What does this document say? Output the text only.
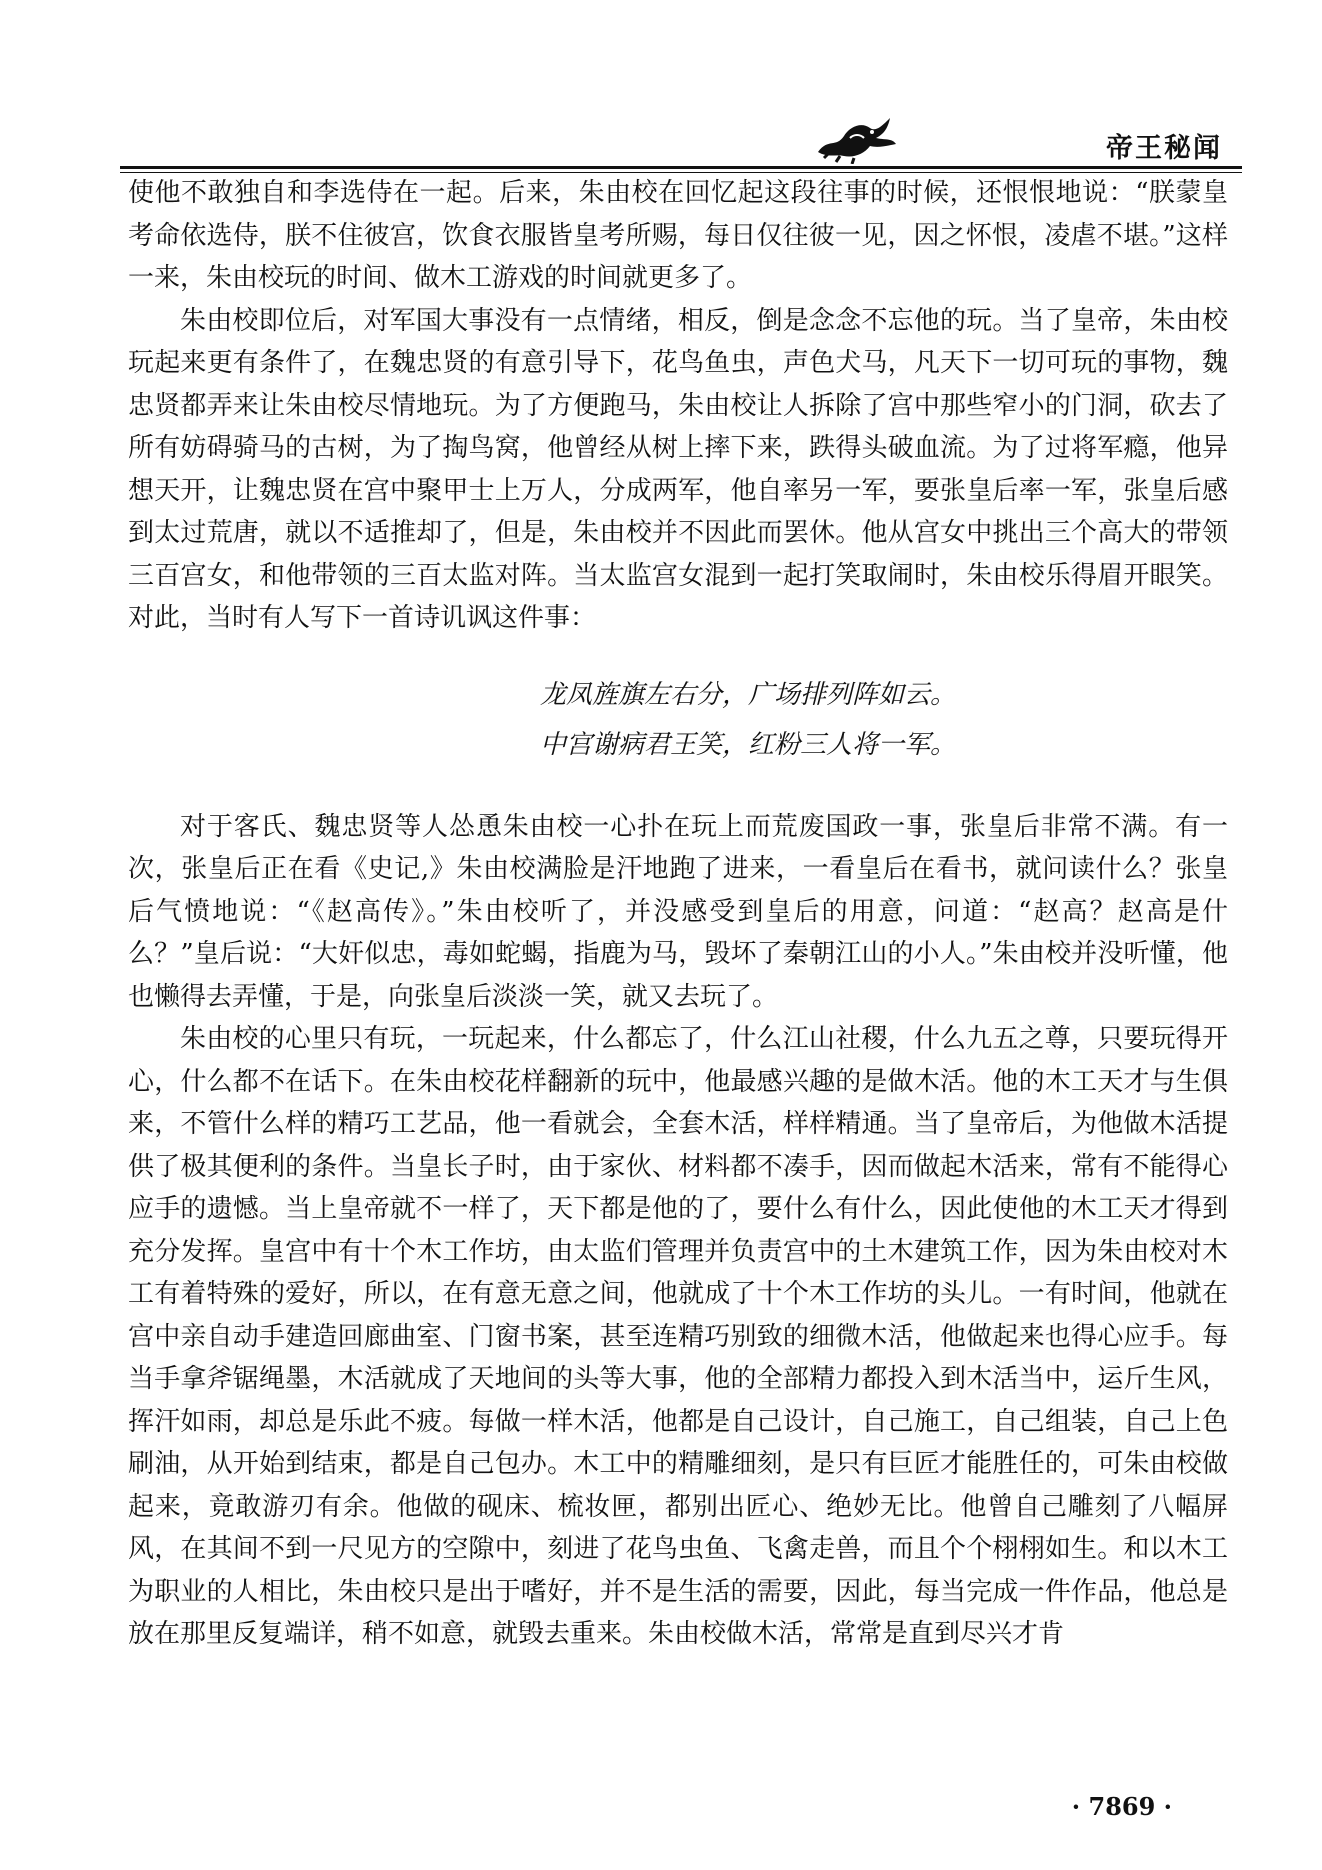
帝王秘闻

使他不敢独自和李选侍在一起。后来，朱由校在回忆起这段往事的时候，还恨恨地说：“朕蒙皇考命依选侍，朕不住彼宫，饮食衣服皆皇考所赐，每日仅往彼一见，因之怀恨，凌虐不堪。”这样一来，朱由校玩的时间、做木工游戏的时间就更多了。

朱由校即位后，对军国大事没有一点情绪，相反，倒是念念不忘他的玩。当了皇帝，朱由校玩起来更有条件了，在魏忠贤的有意引导下，花鸟鱼虫，声色犬马，凡天下一切可玩的事物，魏忠贤都弄来让朱由校尽情地玩。为了方便跑马，朱由校让人拆除了宫中那些窄小的门洞，砍去了所有妨碍骑马的古树，为了掏鸟窝，他曾经从树上摔下来，跌得头破血流。为了过将军瘾，他异想天开，让魏忠贤在宫中聚甲士上万人，分成两军，他自率另一军，要张皇后率一军，张皇后感到太过荒唐，就以不适推却了，但是，朱由校并不因此而罢休。他从宫女中挑出三个高大的带领三百宫女，和他带领的三百太监对阵。当太监宫女混到一起打笑取闹时，朱由校乐得眉开眼笑。对此，当时有人写下一首诗讥讽这件事：

龙凤旌旗左右分，广场排列阵如云。
中宫谢病君王笑，红粉三人将一军。

对于客氏、魏忠贤等人怂恿朱由校一心扑在玩上而荒废国政一事，张皇后非常不满。有一次，张皇后正在看《史记,》朱由校满脸是汗地跑了进来，一看皇后在看书，就问读什么？张皇后气愤地说：“《赵高传》。”朱由校听了，并没感受到皇后的用意，问道：“赵高？赵高是什么？”皇后说：“大奸似忠，毒如蛇蝎，指鹿为马，毁坏了秦朝江山的小人。”朱由校并没听懂，他也懒得去弄懂，于是，向张皇后淡淡一笑，就又去玩了。

朱由校的心里只有玩，一玩起来，什么都忘了，什么江山社稷，什么九五之尊，只要玩得开心，什么都不在话下。在朱由校花样翻新的玩中，他最感兴趣的是做木活。他的木工天才与生俱来，不管什么样的精巧工艺品，他一看就会，全套木活，样样精通。当了皇帝后，为他做木活提供了极其便利的条件。当皇长子时，由于家伙、材料都不凑手，因而做起木活来，常有不能得心应手的遗憾。当上皇帝就不一样了，天下都是他的了，要什么有什么，因此使他的木工天才得到充分发挥。皇宫中有十个木工作坊，由太监们管理并负责宫中的土木建筑工作，因为朱由校对木工有着特殊的爱好，所以，在有意无意之间，他就成了十个木工作坊的头儿。一有时间，他就在宫中亲自动手建造回廊曲室、门窗书案，甚至连精巧别致的细微木活，他做起来也得心应手。每当手拿斧锯绳墨，木活就成了天地间的头等大事，他的全部精力都投入到木活当中，运斤生风，挥汗如雨，却总是乐此不疲。每做一样木活，他都是自己设计，自己施工，自己组装，自己上色刷油，从开始到结束，都是自己包办。木工中的精雕细刻，是只有巨匠才能胜任的，可朱由校做起来，竟敢游刃有余。他做的砚床、梳妆匣，都别出匠心、绝妙无比。他曾自己雕刻了八幅屏风，在其间不到一尺见方的空隙中，刻进了花鸟虫鱼、飞禽走兽，而且个个栩栩如生。和以木工为职业的人相比，朱由校只是出于嗜好，并不是生活的需要，因此，每当完成一件作品，他总是放在那里反复端详，稍不如意，就毁去重来。朱由校做木活，常常是直到尽兴才肯

· 7869 ·
